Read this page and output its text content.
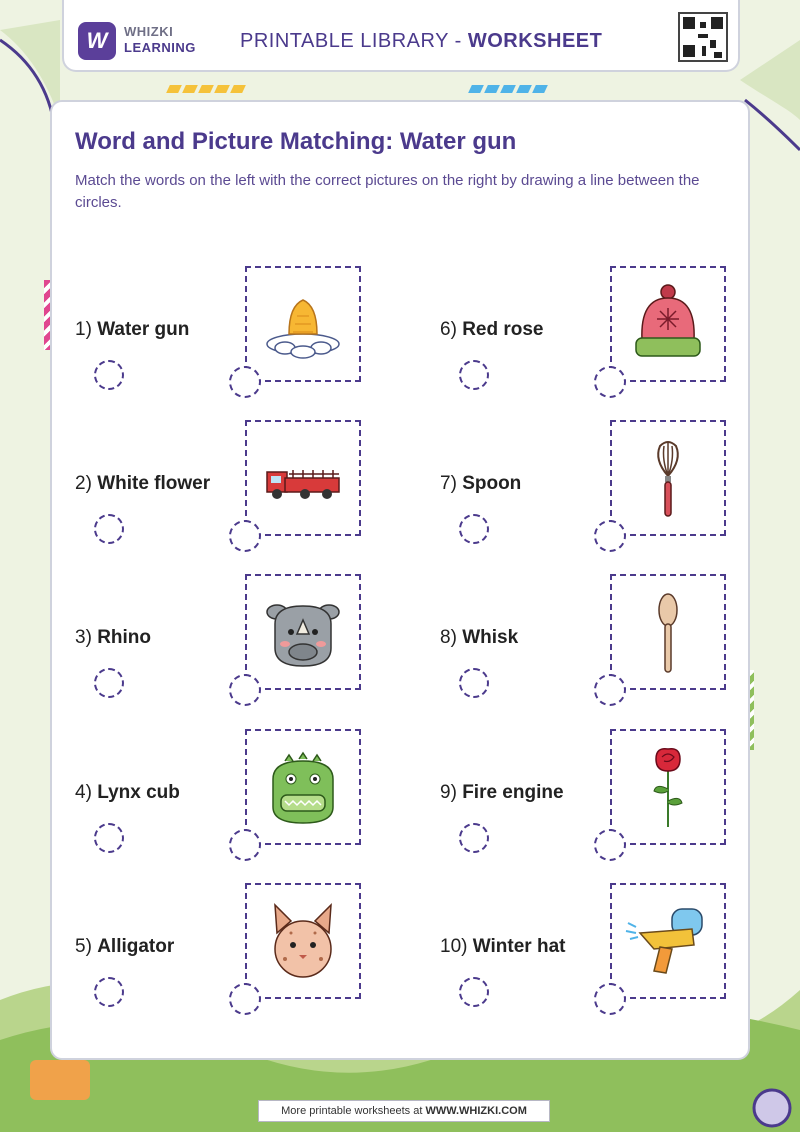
W WHIZKI
LEARNING PRINTABLE LIBRARY - WORKSHEET
Word and Picture Matching: Water gun
Match the words on the left with the correct pictures on the right by drawing a line between the circles.
1) Water gun
2) White flower
3) Rhino
4) Lynx cub
5) Alligator
6) Red rose
7) Spoon
8) Whisk
9) Fire engine
10) Winter hat
More printable worksheets at WWW.WHIZKI.COM
